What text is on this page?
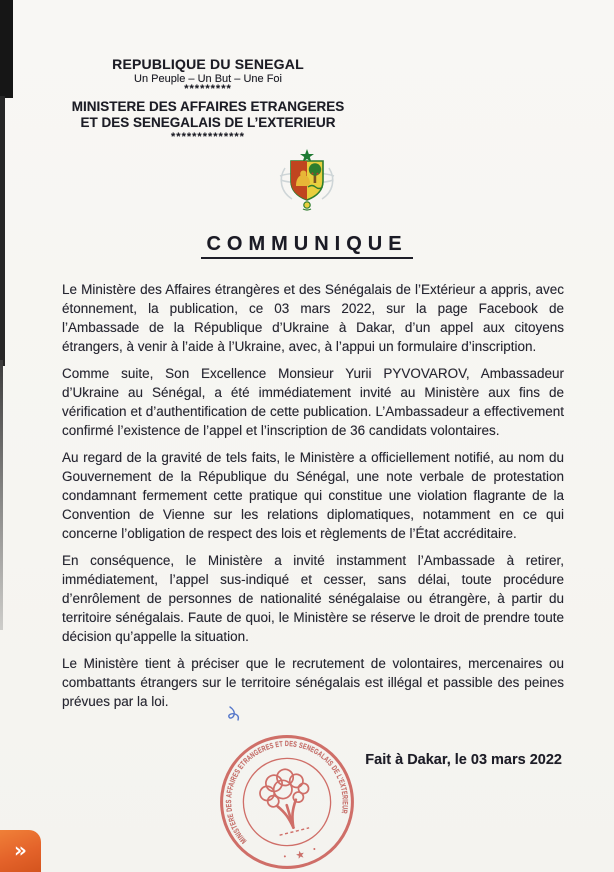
REPUBLIQUE DU SENEGAL
Un Peuple – Un But – Une Foi
*********
MINISTERE DES AFFAIRES ETRANGERES
ET DES SENEGALAIS DE L’EXTERIEUR
**************
COMMUNIQUE

Le Ministère des Affaires étrangères et des Sénégalais de l’Extérieur a appris, avec étonnement, la publication, ce 03 mars 2022, sur la page Facebook de l’Ambassade de la République d’Ukraine à Dakar, d’un appel aux citoyens étrangers, à venir à l’aide à l’Ukraine, avec, à l’appui un formulaire d’inscription.

Comme suite, Son Excellence Monsieur Yurii PYVOVAROV, Ambassadeur d’Ukraine au Sénégal, a été immédiatement invité au Ministère aux fins de vérification et d’authentification de cette publication. L’Ambassadeur a effectivement confirmé l’existence de l’appel et l’inscription de 36 candidats volontaires.

Au regard de la gravité de tels faits, le Ministère a officiellement notifié, au nom du Gouvernement de la République du Sénégal, une note verbale de protestation condamnant fermement cette pratique qui constitue une violation flagrante de la Convention de Vienne sur les relations diplomatiques, notamment en ce qui concerne l’obligation de respect des lois et règlements de l’État accréditaire.

En conséquence, le Ministère a invité instamment l’Ambassade à retirer, immédiatement, l’appel sus-indiqué et cesser, sans délai, toute procédure d’enrôlement de personnes de nationalité sénégalaise ou étrangère, à partir du territoire sénégalais. Faute de quoi, le Ministère se réserve le droit de prendre toute décision qu’appelle la situation.

Le Ministère tient à préciser que le recrutement de volontaires, mercenaires ou combattants étrangers sur le territoire sénégalais est illégal et passible des peines prévues par la loi.

Fait à Dakar, le 03 mars 2022
MINISTERE DES AFFAIRES ETRANGERES ET DES SENEGALAIS DE L’EXTERIEUR
★
»
